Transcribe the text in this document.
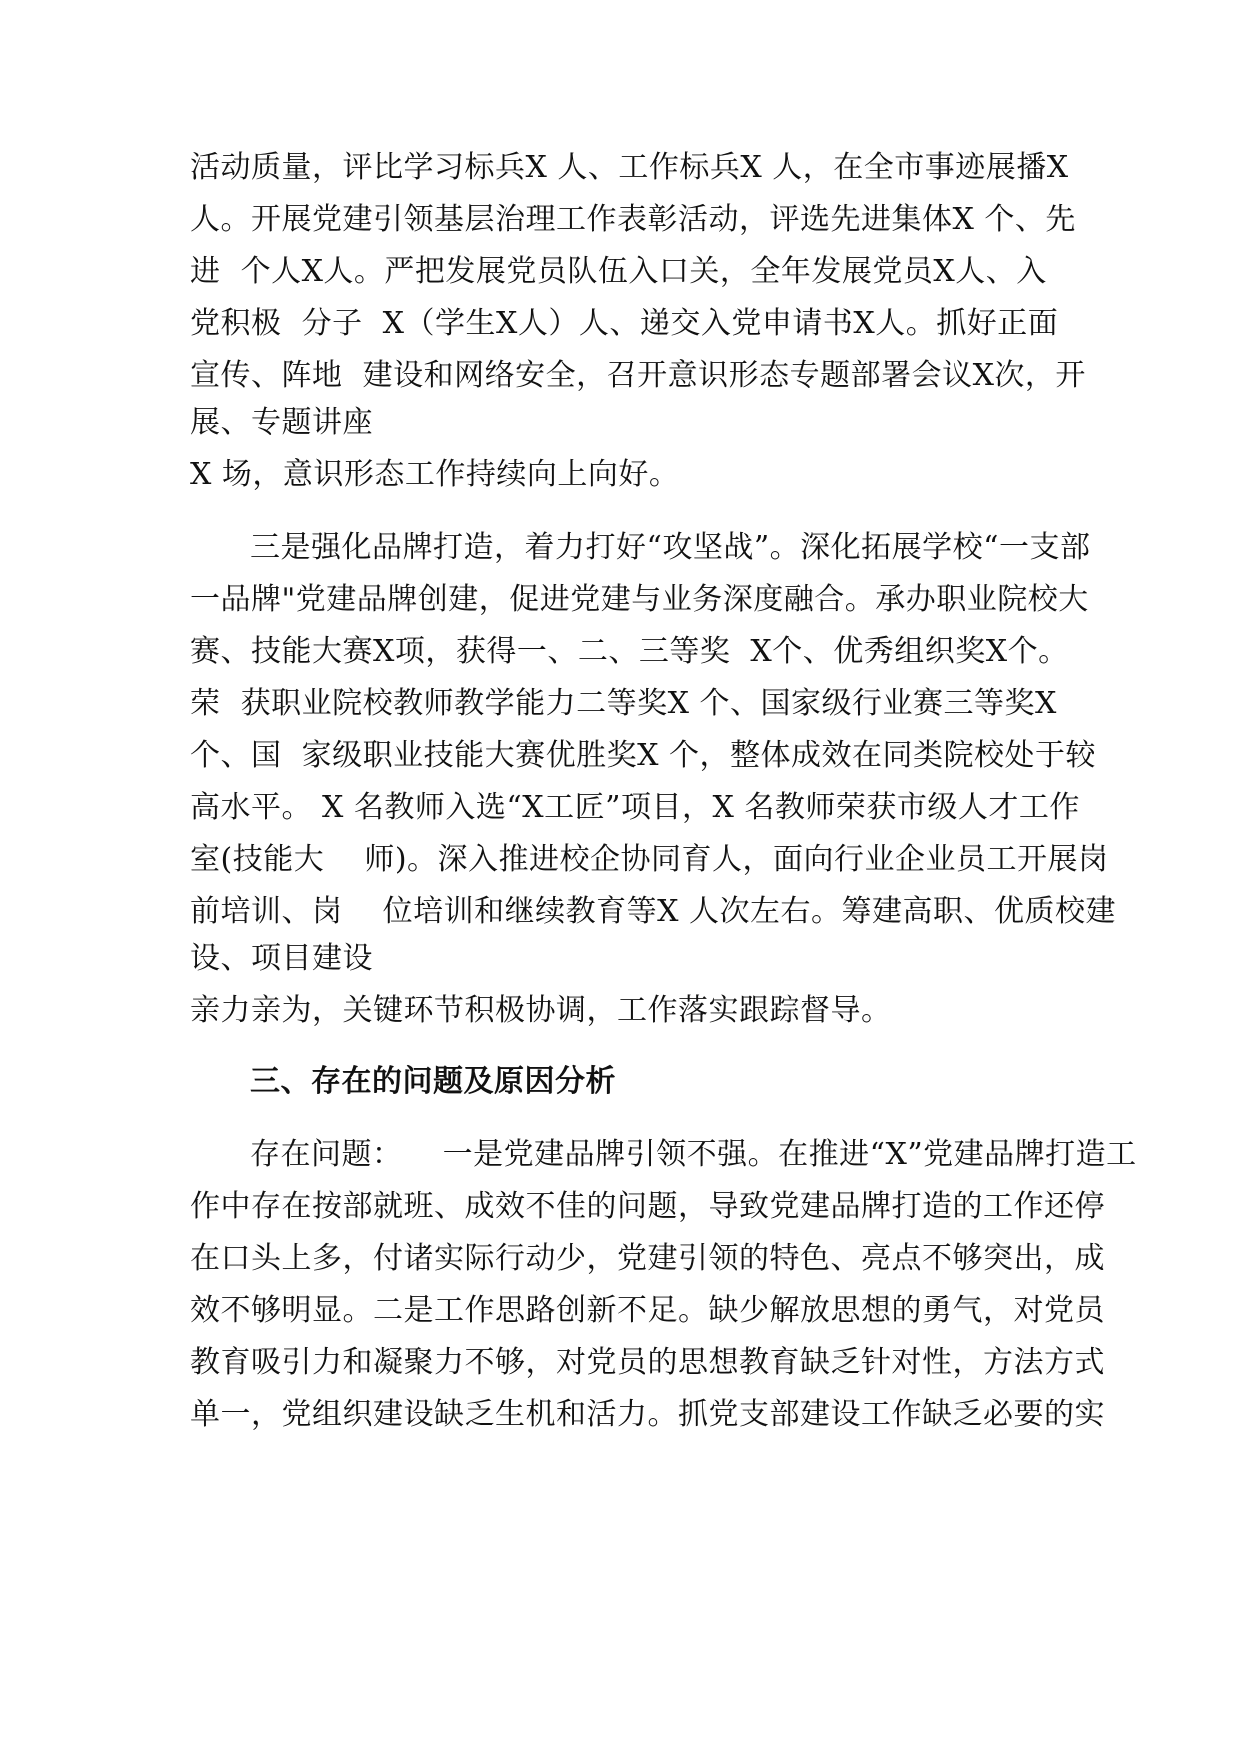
活动质量，评比学习标兵X 人、工作标兵X 人，在全市事迹展播X
人。开展党建引领基层治理工作表彰活动，评选先进集体X 个、先
进  个人X人。严把发展党员队伍入口关，全年发展党员X人、入
党积极  分子  X（学生X人）人、递交入党申请书X人。抓好正面
宣传、阵地  建设和网络安全，召开意识形态专题部署会议X次，开
展、专题讲座
X 场，意识形态工作持续向上向好。
三是强化品牌打造，着力打好“攻坚战”。深化拓展学校“一支部
一品牌"党建品牌创建，促进党建与业务深度融合。承办职业院校大
赛、技能大赛X项，获得一、二、三等奖  X个、优秀组织奖X个。
荣  获职业院校教师教学能力二等奖X 个、国家级行业赛三等奖X
个、国  家级职业技能大赛优胜奖X 个，整体成效在同类院校处于较
高水平。 X 名教师入选“X工匠”项目，X 名教师荣获市级人才工作
室(技能大    师)。深入推进校企协同育人，面向行业企业员工开展岗
前培训、岗    位培训和继续教育等X 人次左右。筹建高职、优质校建
设、项目建设
亲力亲为，关键环节积极协调，工作落实跟踪督导。
三、存在的问题及原因分析
存在问题：    一是党建品牌引领不强。在推进“X”党建品牌打造工
作中存在按部就班、成效不佳的问题，导致党建品牌打造的工作还停
在口头上多，付诸实际行动少，党建引领的特色、亮点不够突出，成
效不够明显。二是工作思路创新不足。缺少解放思想的勇气，对党员
教育吸引力和凝聚力不够，对党员的思想教育缺乏针对性，方法方式
单一，党组织建设缺乏生机和活力。抓党支部建设工作缺乏必要的实
